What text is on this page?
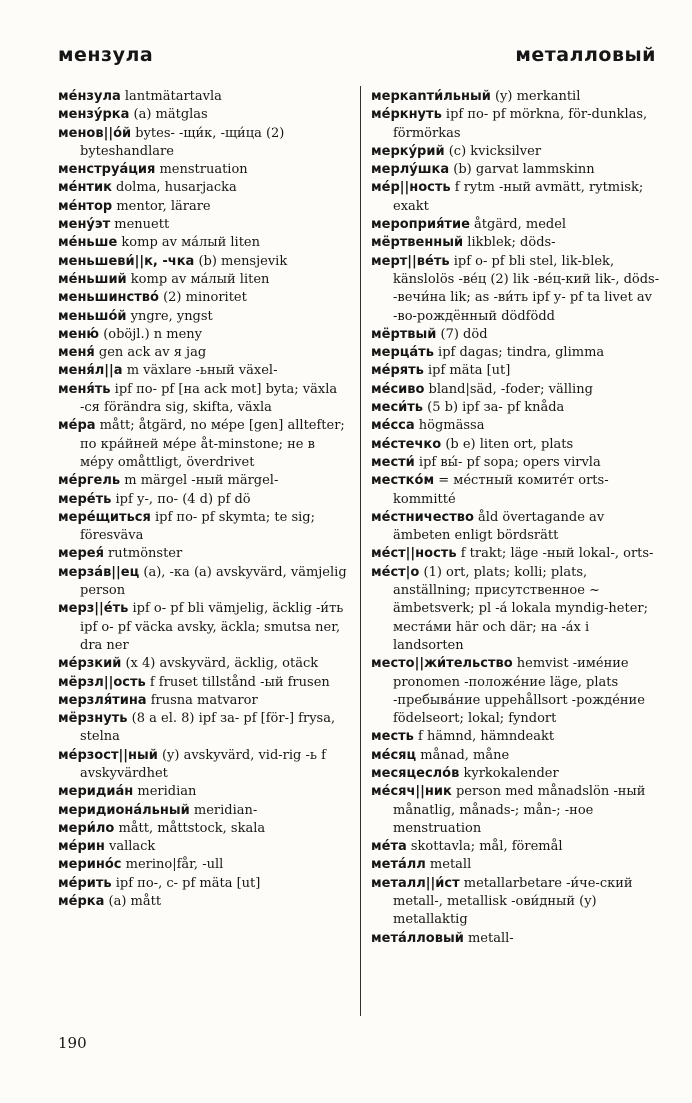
мензула	металловый

ме́нзула lantmätartavla

мензу́рка (a) mätglas

менов||о́й bytes- -щи́к, -щи́ца (2) byteshandlare

менструа́ция menstruation

ме́нтик dolma, husarjacka

ме́нтор mentor, lärare

мену́эт menuett

ме́ньше komp av ма́лый liten

меньшеви́||к, -чка (b) mensjevik

ме́ньший komp av ма́лый liten

меньшинство́ (2) minoritet

меньшо́й yngre, yngst

меню́ (oböjl.) n meny

меня́ gen ack av я jag

меня́л||а m växlare -ьный växel-

меня́ть ipf по- pf [на ack mot] byta; växla -ся förändra sig, skifta, växla

ме́ра mått; åtgärd, no ме́ре [gen] alltefter; по кра́йней ме́ре åt-minstone; не в ме́ру omåttligt, överdrivet

ме́ргель m märgel -ный märgel-

мере́ть ipf у-, по- (4 d) pf dö

мере́щиться ipf по- pf skymta; te sig; föresväva

мерея́ rutmönster

мерза́в||ец (a), -ка (a) avskyvärd, vämjelig person

мерз||е́ть ipf о- pf bli vämjelig, äcklig -и́ть ipf о- pf väcka avsky, äckla; smutsa ner, dra ner

ме́рзкий (x 4) avskyvärd, äcklig, otäck

мёрзл||ость f fruset tillstånd -ый frusen

мерзля́тина frusna matvaror

мёрзнуть (8 a el. 8) ipf за- pf [för-] frysa, stelna

ме́рзост||ный (y) avskyvärd, vid-rig -ь f avskyvärdhet

меридиа́н meridian

меридиона́льный meridian-

мери́ло mått, måttstock, skala

ме́рин vallack

мерино́с merino|får, -ull

ме́рить ipf по-, с- pf mäta [ut]

ме́рка (a) mått

меркanти́льный (y) merkantil

ме́ркнуть ipf по- pf mörkna, för-dunklas, förmörkas

мерку́рий (c) kvicksilver

мерлу́шка (b) garvat lammskinn

ме́р||ность f rytm -ный avmätt, rytmisk; exakt

мероприя́тие åtgärd, medel

мёртвенный likblek; döds-

мерт||ве́ть ipf о- pf bli stel, lik-blek, känslolös -ве́ц (2) lik -ве́ц-кий lik-, döds- -вечи́на lik; as -ви́ть ipf у- pf ta livet av -во-рождённый dödfödd

мёртвый (7) död

мерца́ть ipf dagas; tindra, glimma

ме́рять ipf mäta [ut]

ме́сиво bland|säd, -foder; välling

меси́ть (5 b) ipf за- pf knåda

ме́сса högmässa

ме́стечко (b e) liten ort, plats

мести́ ipf вы́- pf sopa; opers virvla

местко́м = ме́стный комите́т orts-kommitté

ме́стничество åld övertagande av ämbeten enligt bördsrätt

ме́ст||ность f trakt; läge -ный lokal-, orts-

ме́ст|о (1) ort, plats; kolli; plats, anställning; присутственное ~ ämbetsverk; pl -а́ lokala myndig-heter; места́ми här och där; на -а́х i landsorten

место||жи́тельство hemvist -име́ние pronomen -положе́ние läge, plats -пребыва́ние uppehållsort -рожде́ние födelseort; lokal; fyndort

месть f hämnd, hämndeakt

ме́сяц månad, måne

месяцесло́в kyrkokalender

ме́сяч||ник person med månadslön -ный månatlig, månads-; mån-; -ное menstruation

ме́та skottavla; mål, föremål

мета́лл metall

металл||и́ст metallarbetare -и́че-ский metall-, metallisk -ови́дный (y) metallaktig

мета́лловый metall-

190
